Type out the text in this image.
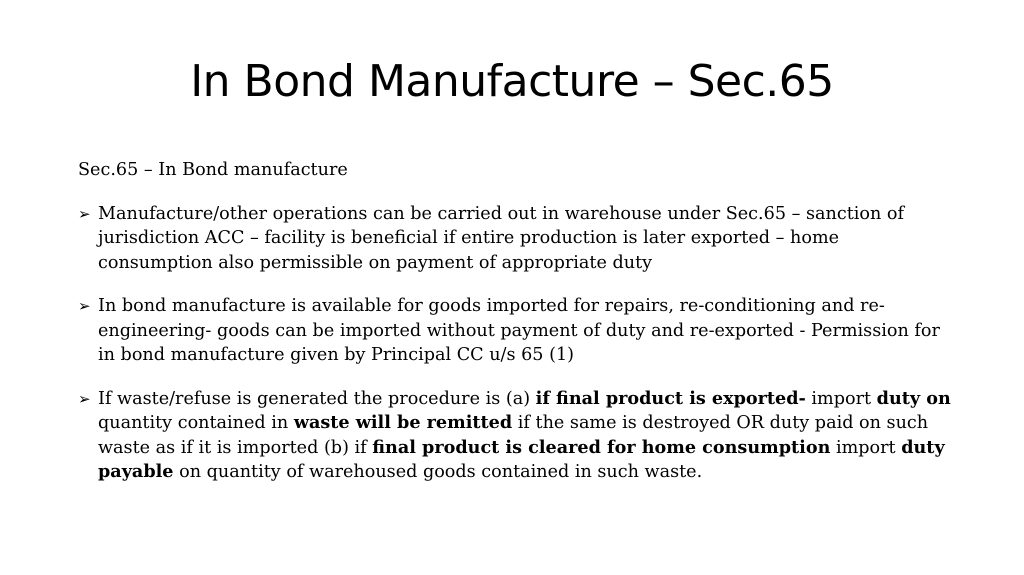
In Bond Manufacture – Sec.65

Sec.65 – In Bond manufacture

➢ Manufacture/other operations can be carried out in warehouse under Sec.65 – sanction of jurisdiction ACC – facility is beneficial if entire production is later exported – home consumption also permissible on payment of appropriate duty
➢ In bond manufacture is available for goods imported for repairs, re-conditioning and re-engineering- goods can be imported without payment of duty and re-exported - Permission for in bond manufacture given by Principal CC u/s 65 (1)
➢ If waste/refuse is generated the procedure is (a) if final product is exported- import duty on quantity contained in waste will be remitted if the same is destroyed OR duty paid on such waste as if it is imported (b) if final product is cleared for home consumption import duty payable on quantity of warehoused goods contained in such waste.
